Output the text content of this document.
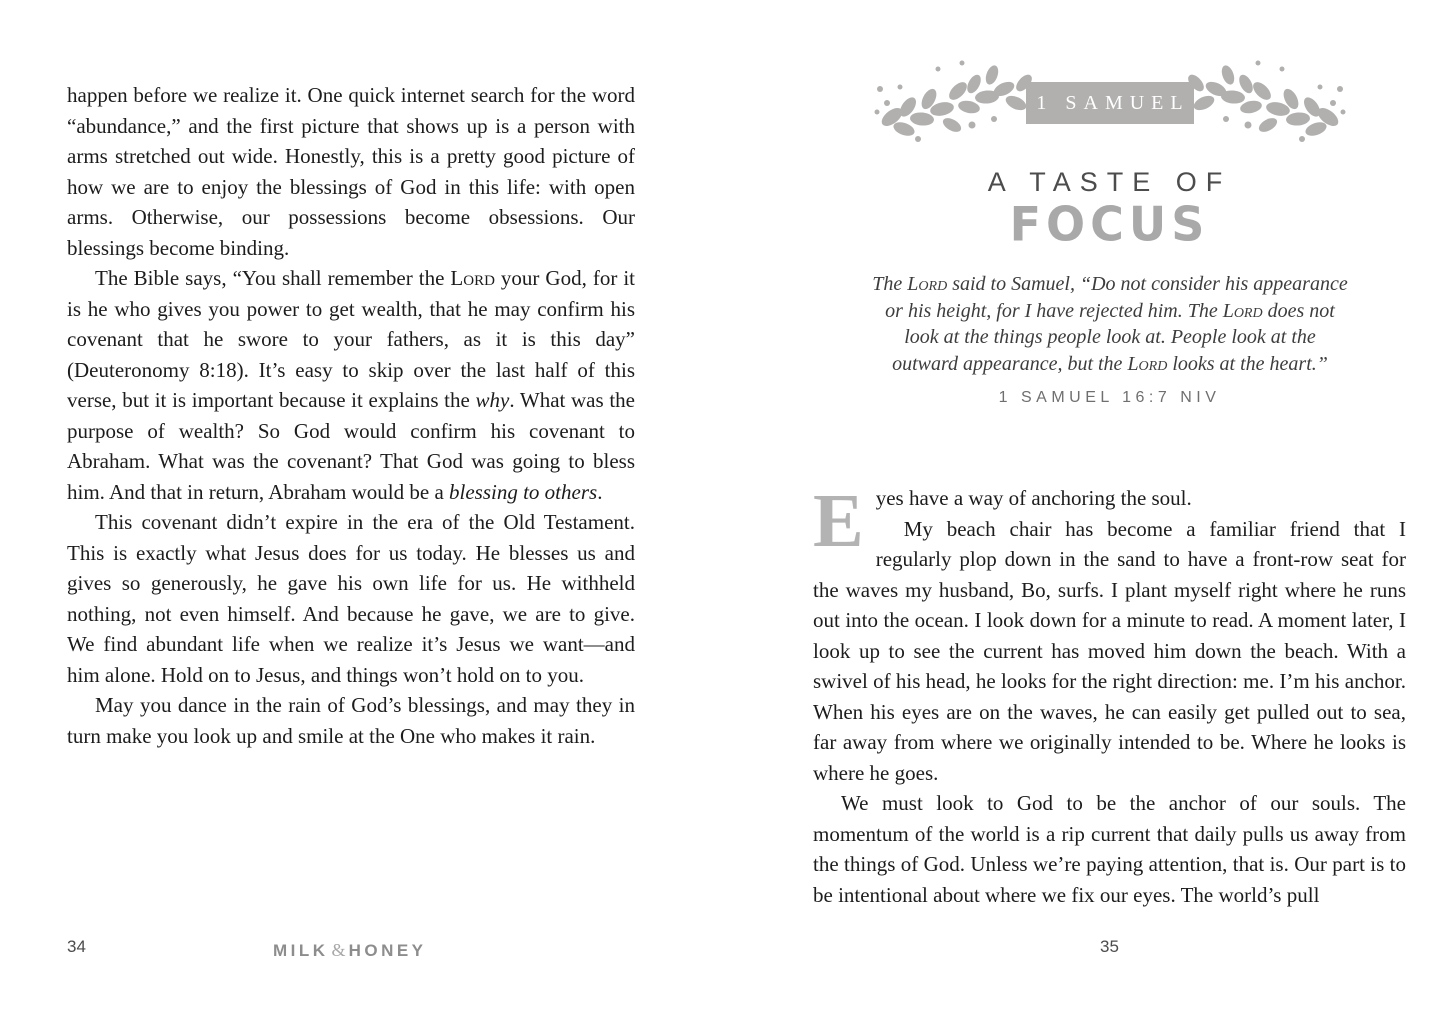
happen before we realize it. One quick internet search for the word “abundance,” and the first picture that shows up is a person with arms stretched out wide. Honestly, this is a pretty good picture of how we are to enjoy the blessings of God in this life: with open arms. Otherwise, our possessions become obsessions. Our blessings become binding.

The Bible says, “You shall remember the Lord your God, for it is he who gives you power to get wealth, that he may confirm his covenant that he swore to your fathers, as it is this day” (Deuteronomy 8:18). It’s easy to skip over the last half of this verse, but it is important because it explains the why. What was the purpose of wealth? So God would confirm his covenant to Abraham. What was the covenant? That God was going to bless him. And that in return, Abraham would be a blessing to others.

This covenant didn’t expire in the era of the Old Testament. This is exactly what Jesus does for us today. He blesses us and gives so generously, he gave his own life for us. He withheld nothing, not even himself. And because he gave, we are to give. We find abundant life when we realize it’s Jesus we want—and him alone. Hold on to Jesus, and things won’t hold on to you.

May you dance in the rain of God’s blessings, and may they in turn make you look up and smile at the One who makes it rain.

34	MILK & HONEY
1 SAMUEL
A TASTE OF
FOCUS
The Lord said to Samuel, “Do not consider his appearance or his height, for I have rejected him. The Lord does not look at the things people look at. People look at the outward appearance, but the Lord looks at the heart.”
1 SAMUEL 16:7 NIV

Eyes have a way of anchoring the soul.

My beach chair has become a familiar friend that I regularly plop down in the sand to have a front-row seat for the waves my husband, Bo, surfs. I plant myself right where he runs out into the ocean. I look down for a minute to read. A moment later, I look up to see the current has moved him down the beach. With a swivel of his head, he looks for the right direction: me. I’m his anchor. When his eyes are on the waves, he can easily get pulled out to sea, far away from where we originally intended to be. Where he looks is where he goes.

We must look to God to be the anchor of our souls. The momentum of the world is a rip current that daily pulls us away from the things of God. Unless we’re paying attention, that is. Our part is to be intentional about where we fix our eyes. The world’s pull

35
